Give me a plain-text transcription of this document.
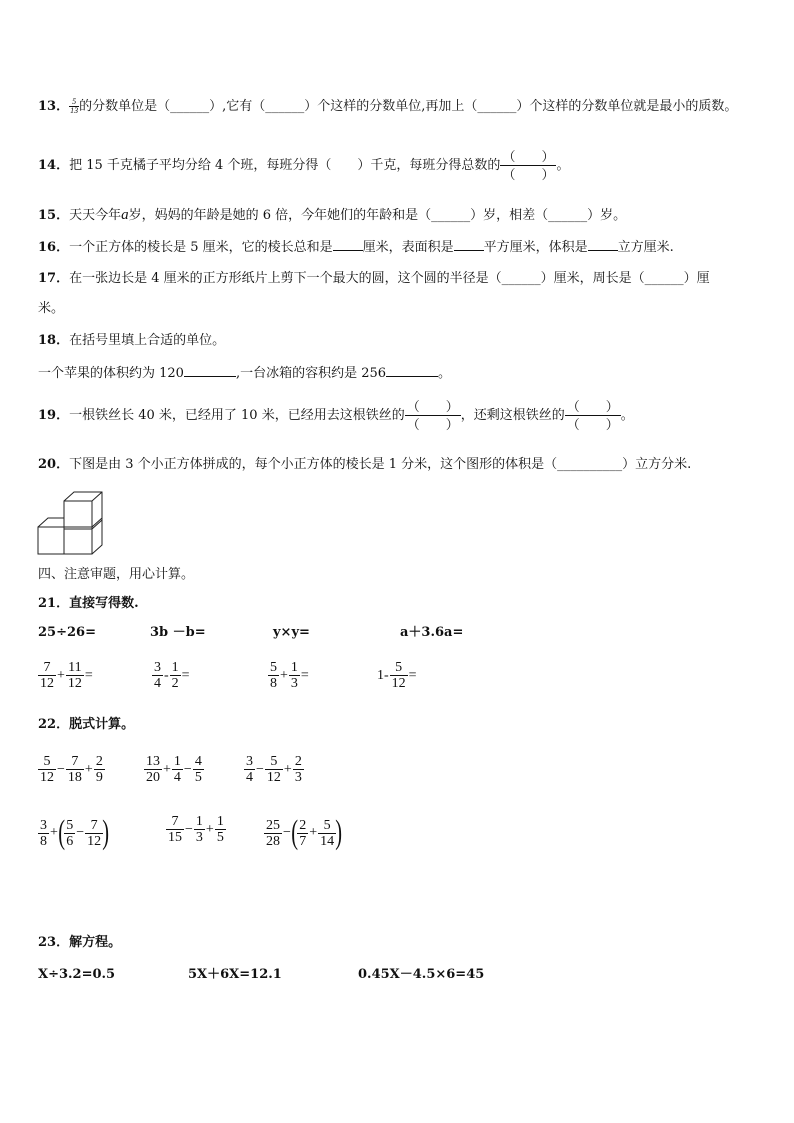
13． $\frac{5}{13}$ 的分数单位是（______）,它有（______）个这样的分数单位,再加上（______）个这样的分数单位就是最小的质数。
14．把 15 千克橘子平均分给 4 个班，每班分得（　　）千克，每班分得总数的 $\frac{( )}{( )}$ 。
15．天天今年a岁，妈妈的年龄是她的 6 倍，今年她们的年龄和是（______）岁，相差（______）岁。
16．一个正方体的棱长是 5 厘米，它的棱长总和是 厘米，表面积是 平方厘米，体积是 立方厘米.
17．在一张边长是 4 厘米的正方形纸片上剪下一个最大的圆，这个圆的半径是（______）厘米，周长是（______）厘
米。
18．在括号里填上合适的单位。
一个苹果的体积约为 120	,一台冰箱的容积约是 256	。
19．一根铁丝长 40 米，已经用了 10 米，已经用去这根铁丝的 $\frac{( )}{( )}$ ，还剩这根铁丝的 $\frac{( )}{( )}$ 。
20．下图是由 3 个小正方体拼成的，每个小正方体的棱长是 1 分米，这个图形的体积是（__________）立方分米.
四、注意审题，用心计算。
21．直接写得数.
25÷26=	3b －b=	y×y=	a＋3.6a=
$\frac{7}{12} + \frac{11}{12}$ =	$\frac{3}{4} - \frac{1}{2}$ =	$\frac{5}{8} + \frac{1}{3}$ =	$1- \frac{5}{12}$ =
22．脱式计算。
$\frac{5}{12} - \frac{7}{18} + \frac{2}{9}$	$\frac{13}{20} + \frac{1}{4} - \frac{4}{5}$	$\frac{3}{4} - \frac{5}{12} + \frac{2}{3}$
$\frac{3}{8}$ +( $\frac{5}{6} - \frac{7}{12}$ )	$\frac{7}{15} - \frac{1}{3} + \frac{1}{5}$	$\frac{25}{28}$ −( $\frac{2}{7} + \frac{5}{14}$ )
23．解方程。
X÷3.2=0.5	5X＋6X=12.1	0.45X－4.5×6=45
